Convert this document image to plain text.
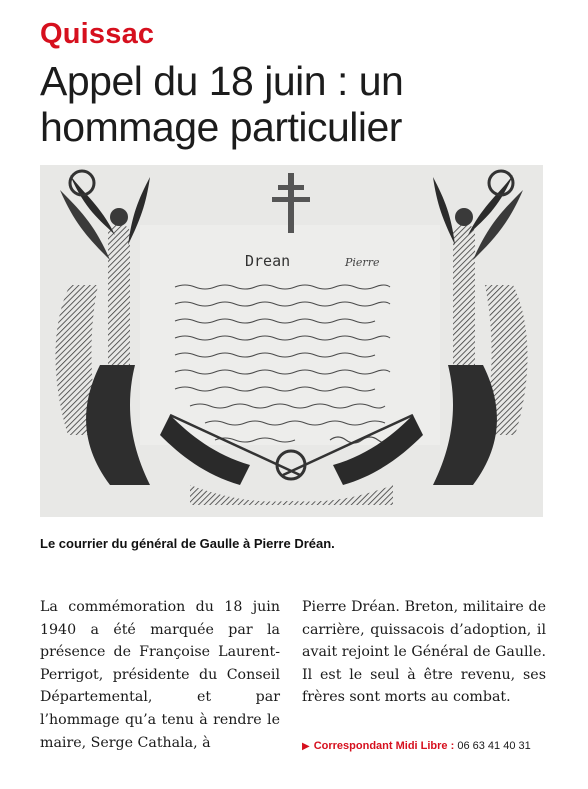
Quissac
Appel du 18 juin : un
hommage particulier
Drean	Pierre

Le courrier du général de Gaulle à Pierre Dréan.

La commémoration du 18 juin 1940 a été marquée par la présence de Françoise Laurent-Perrigot, présidente du Conseil Départemental, et par l’hommage qu’a tenu à rendre le maire, Serge Cathala, à

Pierre Dréan. Breton, militaire de carrière, quissacois d’adoption, il avait rejoint le Général de Gaulle. Il est le seul à être revenu, ses frères sont morts au combat.

▶ Correspondant Midi Libre : 06 63 41 40 31
